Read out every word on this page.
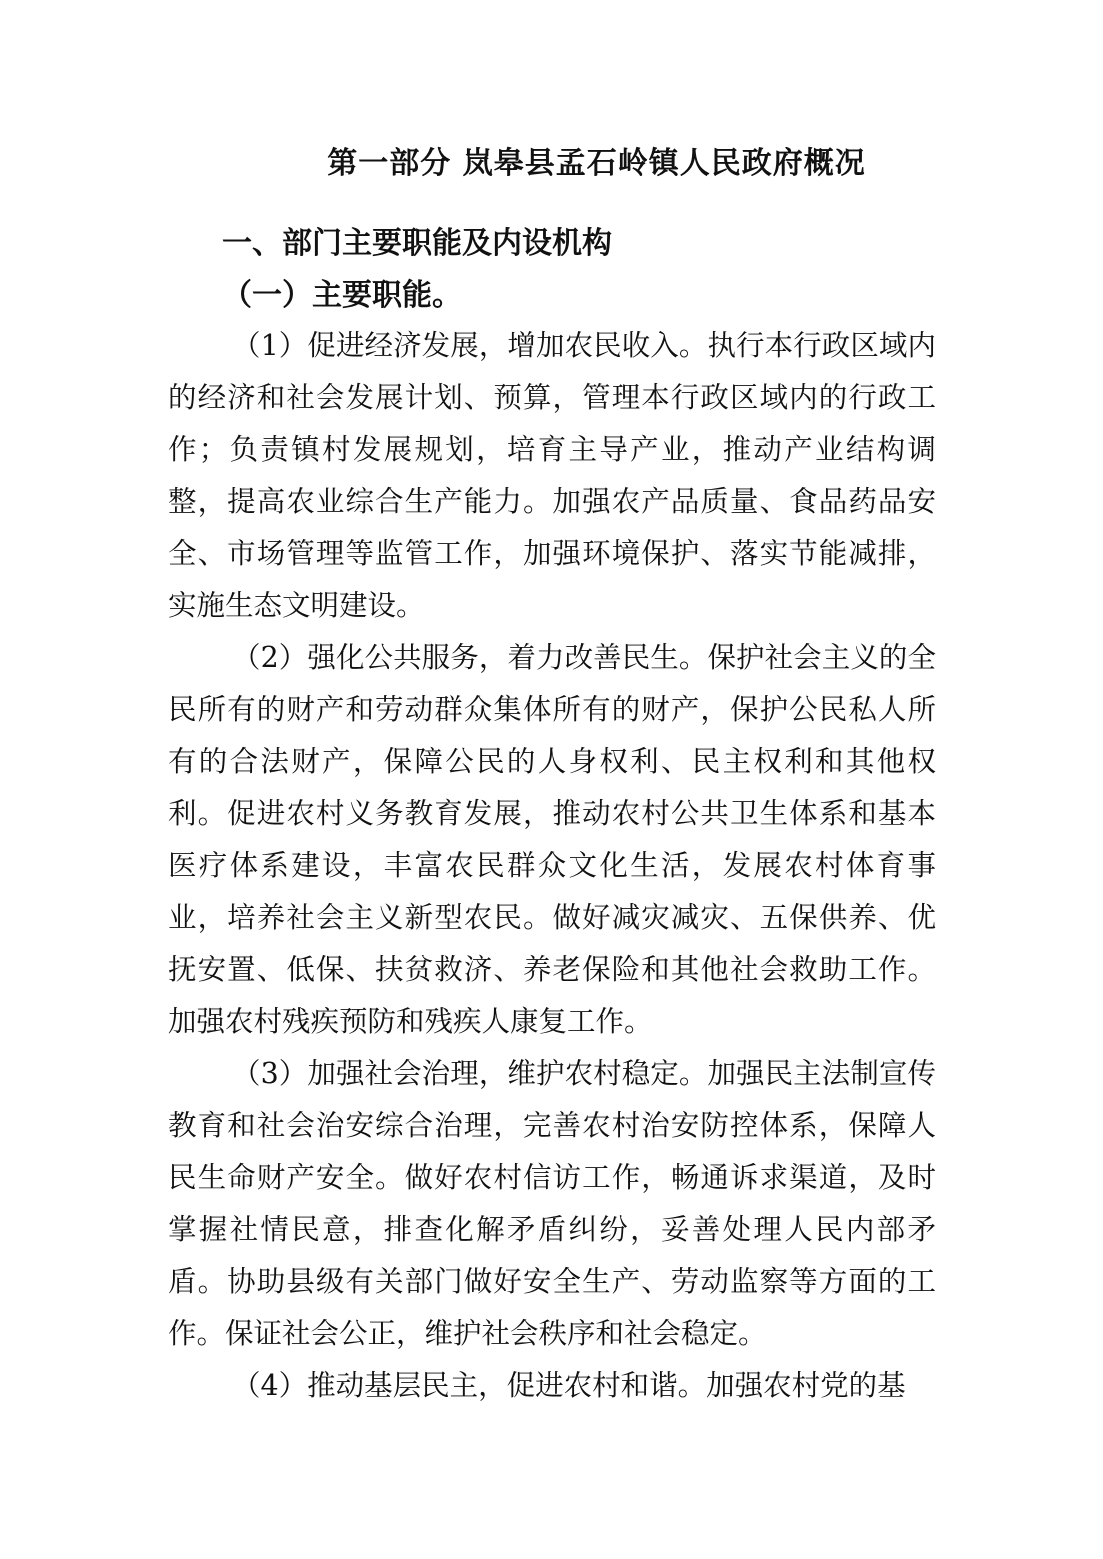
第一部分 岚皋县孟石岭镇人民政府概况
一、部门主要职能及内设机构
（一）主要职能。

（1）促进经济发展，增加农民收入。执行本行政区域内的经济和社会发展计划、预算，管理本行政区域内的行政工作；负责镇村发展规划，培育主导产业，推动产业结构调整，提高农业综合生产能力。加强农产品质量、食品药品安全、市场管理等监管工作，加强环境保护、落实节能减排，实施生态文明建设。

（2）强化公共服务，着力改善民生。保护社会主义的全民所有的财产和劳动群众集体所有的财产，保护公民私人所有的合法财产，保障公民的人身权利、民主权利和其他权利。促进农村义务教育发展，推动农村公共卫生体系和基本医疗体系建设，丰富农民群众文化生活，发展农村体育事业，培养社会主义新型农民。做好减灾减灾、五保供养、优抚安置、低保、扶贫救济、养老保险和其他社会救助工作。加强农村残疾预防和残疾人康复工作。

（3）加强社会治理，维护农村稳定。加强民主法制宣传教育和社会治安综合治理，完善农村治安防控体系，保障人民生命财产安全。做好农村信访工作，畅通诉求渠道，及时掌握社情民意，排查化解矛盾纠纷，妥善处理人民内部矛盾。协助县级有关部门做好安全生产、劳动监察等方面的工作。保证社会公正，维护社会秩序和社会稳定。

（4）推动基层民主，促进农村和谐。加强农村党的基
